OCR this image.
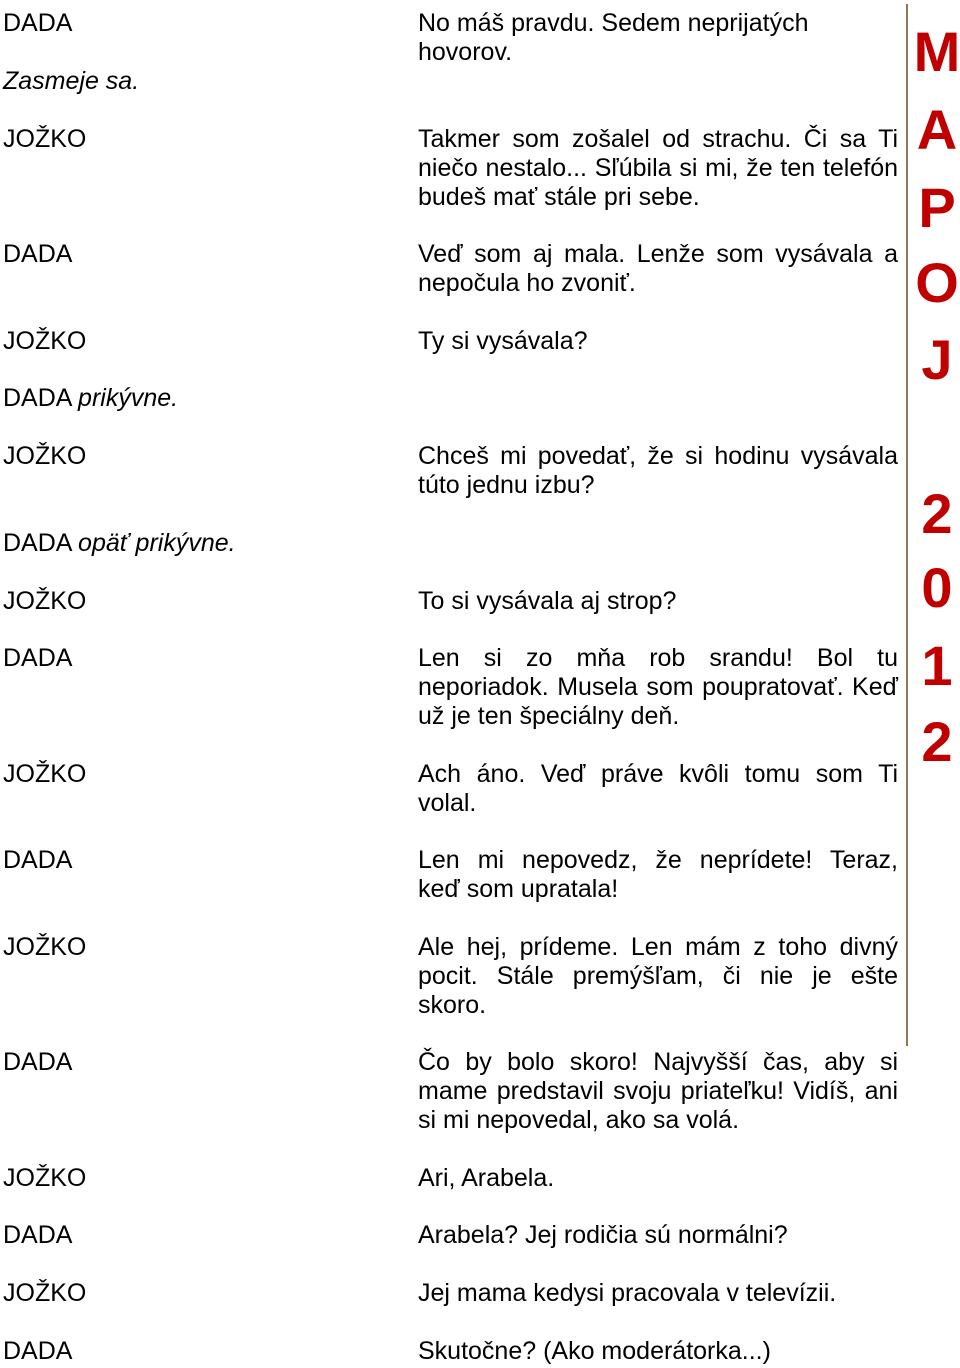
DADA
Zasmeje sa.
JOŽKO
DADA
JOŽKO
DADA prikývne.
JOŽKO
DADA opäť prikývne.
JOŽKO
DADA
JOŽKO
DADA
JOŽKO
DADA
JOŽKO
DADA
JOŽKO
DADA
No máš pravdu. Sedem neprijatých
hovorov.
Takmer som zošalel od strachu. Či sa Ti
niečo nestalo... Sľúbila si mi, že ten telefón
budeš mať stále pri sebe.
Veď som aj mala. Lenže som vysávala a
nepočula ho zvoniť.
Ty si vysávala?
Chceš mi povedať, že si hodinu vysávala
túto jednu izbu?
To si vysávala aj strop?
Len si zo mňa rob srandu! Bol tu
neporiadok. Musela som poupratovať. Keď
už je ten špeciálny deň.
Ach áno. Veď práve kvôli tomu som Ti
volal.
Len mi nepovedz, že neprídete! Teraz,
keď som upratala!
Ale hej, prídeme. Len mám z toho divný
pocit. Stále premýšľam, či nie je ešte
skoro.
Čo by bolo skoro! Najvyšší čas, aby si
mame predstavil svoju priateľku! Vidíš, ani
si mi nepovedal, ako sa volá.
Ari, Arabela.
Arabela? Jej rodičia sú normálni?
Jej mama kedysi pracovala v televízii.
Skutočne? (Ako moderátorka...)
M
A
P
O
J
2
0
1
2
